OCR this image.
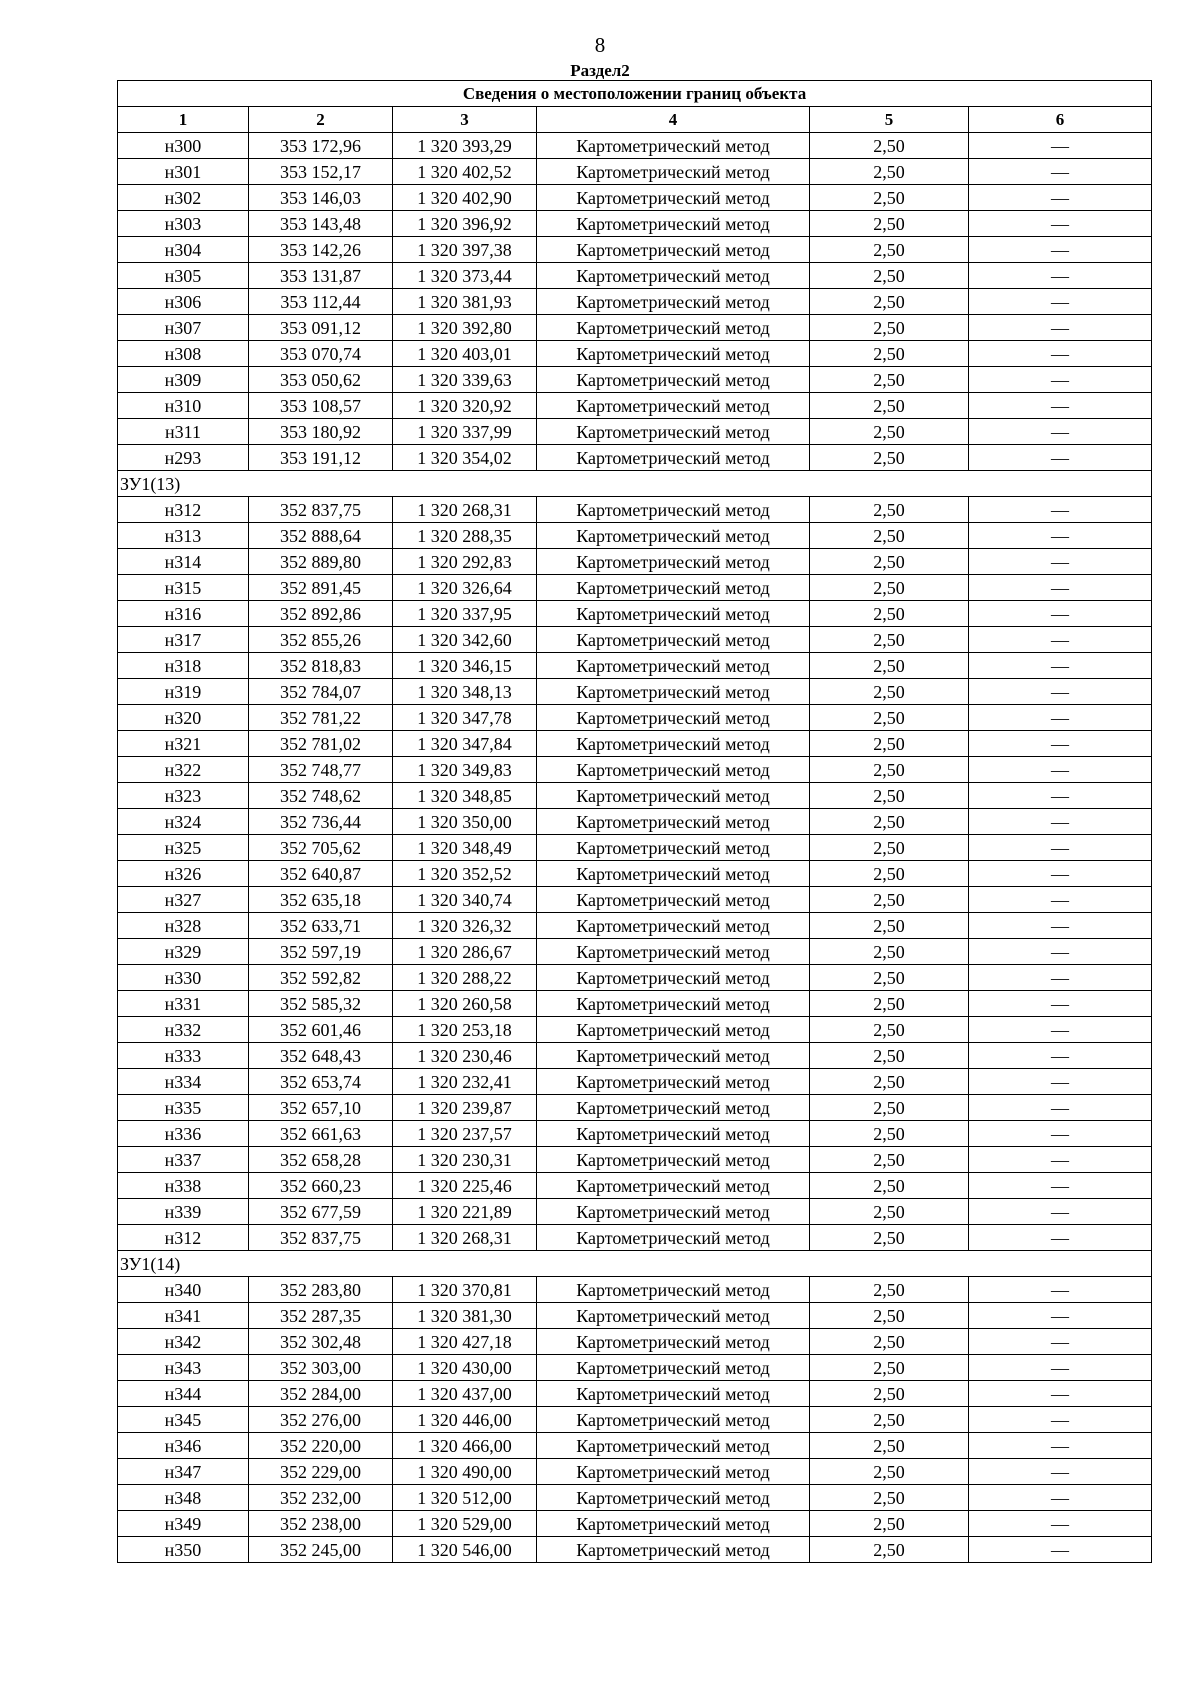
8
Раздел2
Сведения о местоположении границ объекта					
1	2	3	4	5	6
н300	353 172,96	1 320 393,29	Картометрический метод	2,50	—
н301	353 152,17	1 320 402,52	Картометрический метод	2,50	—
н302	353 146,03	1 320 402,90	Картометрический метод	2,50	—
н303	353 143,48	1 320 396,92	Картометрический метод	2,50	—
н304	353 142,26	1 320 397,38	Картометрический метод	2,50	—
н305	353 131,87	1 320 373,44	Картометрический метод	2,50	—
н306	353 112,44	1 320 381,93	Картометрический метод	2,50	—
н307	353 091,12	1 320 392,80	Картометрический метод	2,50	—
н308	353 070,74	1 320 403,01	Картометрический метод	2,50	—
н309	353 050,62	1 320 339,63	Картометрический метод	2,50	—
н310	353 108,57	1 320 320,92	Картометрический метод	2,50	—
н311	353 180,92	1 320 337,99	Картометрический метод	2,50	—
н293	353 191,12	1 320 354,02	Картометрический метод	2,50	—
ЗУ1(13)					
н312	352 837,75	1 320 268,31	Картометрический метод	2,50	—
н313	352 888,64	1 320 288,35	Картометрический метод	2,50	—
н314	352 889,80	1 320 292,83	Картометрический метод	2,50	—
н315	352 891,45	1 320 326,64	Картометрический метод	2,50	—
н316	352 892,86	1 320 337,95	Картометрический метод	2,50	—
н317	352 855,26	1 320 342,60	Картометрический метод	2,50	—
н318	352 818,83	1 320 346,15	Картометрический метод	2,50	—
н319	352 784,07	1 320 348,13	Картометрический метод	2,50	—
н320	352 781,22	1 320 347,78	Картометрический метод	2,50	—
н321	352 781,02	1 320 347,84	Картометрический метод	2,50	—
н322	352 748,77	1 320 349,83	Картометрический метод	2,50	—
н323	352 748,62	1 320 348,85	Картометрический метод	2,50	—
н324	352 736,44	1 320 350,00	Картометрический метод	2,50	—
н325	352 705,62	1 320 348,49	Картометрический метод	2,50	—
н326	352 640,87	1 320 352,52	Картометрический метод	2,50	—
н327	352 635,18	1 320 340,74	Картометрический метод	2,50	—
н328	352 633,71	1 320 326,32	Картометрический метод	2,50	—
н329	352 597,19	1 320 286,67	Картометрический метод	2,50	—
н330	352 592,82	1 320 288,22	Картометрический метод	2,50	—
н331	352 585,32	1 320 260,58	Картометрический метод	2,50	—
н332	352 601,46	1 320 253,18	Картометрический метод	2,50	—
н333	352 648,43	1 320 230,46	Картометрический метод	2,50	—
н334	352 653,74	1 320 232,41	Картометрический метод	2,50	—
н335	352 657,10	1 320 239,87	Картометрический метод	2,50	—
н336	352 661,63	1 320 237,57	Картометрический метод	2,50	—
н337	352 658,28	1 320 230,31	Картометрический метод	2,50	—
н338	352 660,23	1 320 225,46	Картометрический метод	2,50	—
н339	352 677,59	1 320 221,89	Картометрический метод	2,50	—
н312	352 837,75	1 320 268,31	Картометрический метод	2,50	—
ЗУ1(14)					
н340	352 283,80	1 320 370,81	Картометрический метод	2,50	—
н341	352 287,35	1 320 381,30	Картометрический метод	2,50	—
н342	352 302,48	1 320 427,18	Картометрический метод	2,50	—
н343	352 303,00	1 320 430,00	Картометрический метод	2,50	—
н344	352 284,00	1 320 437,00	Картометрический метод	2,50	—
н345	352 276,00	1 320 446,00	Картометрический метод	2,50	—
н346	352 220,00	1 320 466,00	Картометрический метод	2,50	—
н347	352 229,00	1 320 490,00	Картометрический метод	2,50	—
н348	352 232,00	1 320 512,00	Картометрический метод	2,50	—
н349	352 238,00	1 320 529,00	Картометрический метод	2,50	—
н350	352 245,00	1 320 546,00	Картометрический метод	2,50	—
